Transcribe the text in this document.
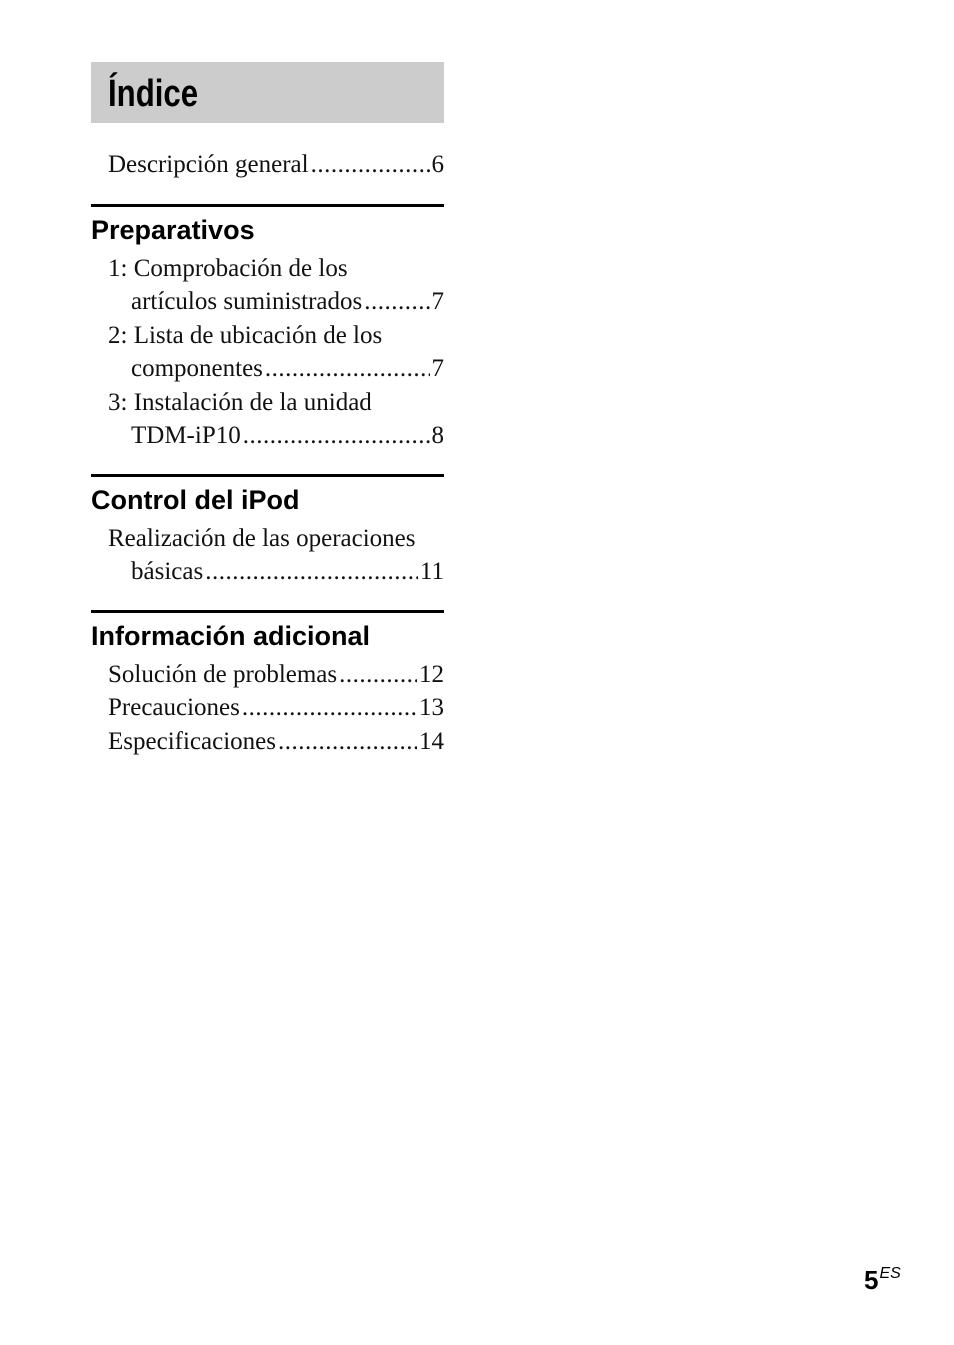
Índice
Descripción general .....	6
Preparativos
1: Comprobación de los
artículos suministrados .....	7
2: Lista de ubicación de los
componentes .....	7
3: Instalación de la unidad
TDM-iP10 .....	8
Control del iPod
Realización de las operaciones
básicas .....	11
Información adicional
Solución de problemas .....	12
Precauciones .....	13
Especificaciones .....	14
5ES
